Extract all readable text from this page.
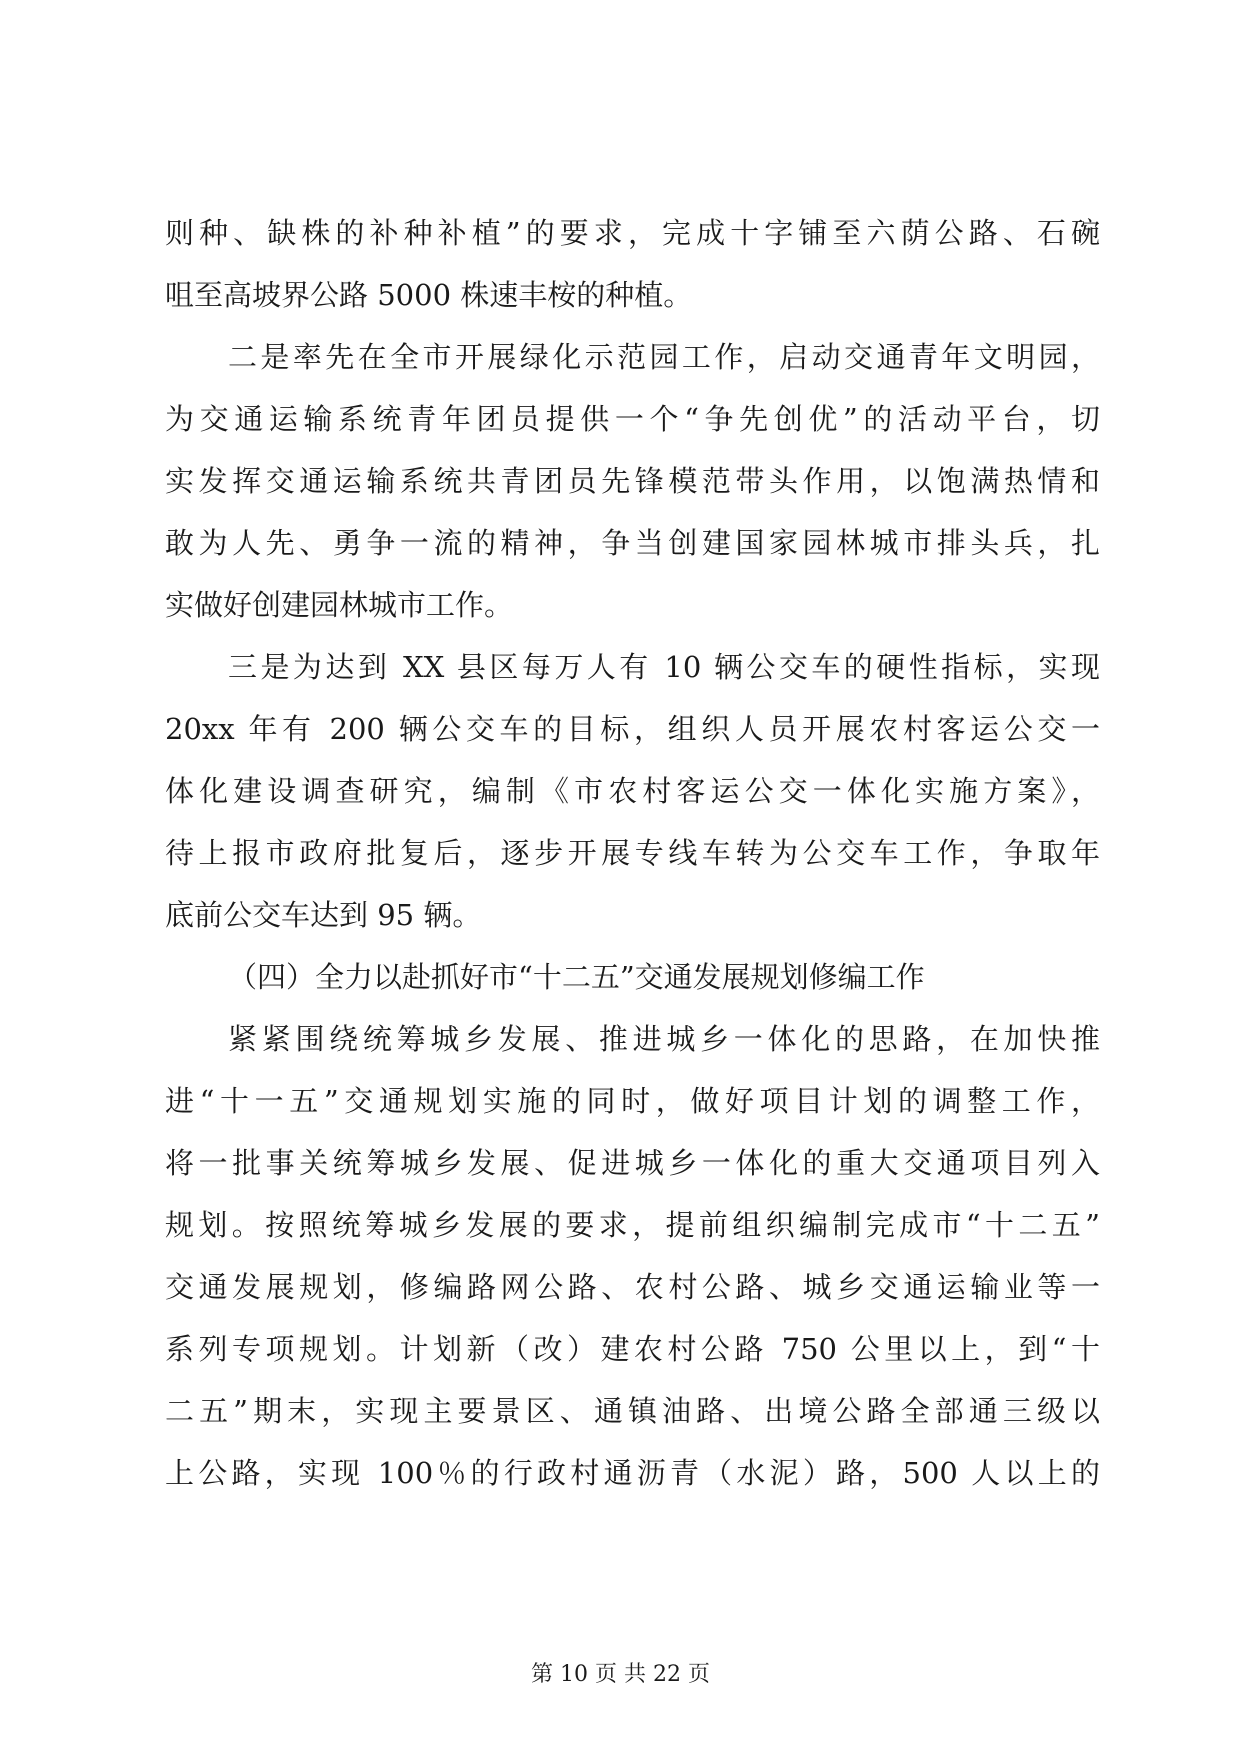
则种、缺株的补种补植”的要求，完成十字铺至六荫公路、石碗
咀至高坡界公路 5000 株速丰桉的种植。
二是率先在全市开展绿化示范园工作，启动交通青年文明园，
为交通运输系统青年团员提供一个“争先创优”的活动平台，切
实发挥交通运输系统共青团员先锋模范带头作用，以饱满热情和
敢为人先、勇争一流的精神，争当创建国家园林城市排头兵，扎
实做好创建园林城市工作。
三是为达到 XX 县区每万人有 10 辆公交车的硬性指标，实现
20xx 年有 200 辆公交车的目标，组织人员开展农村客运公交一
体化建设调查研究，编制《市农村客运公交一体化实施方案》，
待上报市政府批复后，逐步开展专线车转为公交车工作，争取年
底前公交车达到 95 辆。
（四）全力以赴抓好市“十二五”交通发展规划修编工作
紧紧围绕统筹城乡发展、推进城乡一体化的思路，在加快推
进“十一五”交通规划实施的同时，做好项目计划的调整工作，
将一批事关统筹城乡发展、促进城乡一体化的重大交通项目列入
规划。按照统筹城乡发展的要求，提前组织编制完成市“十二五”
交通发展规划，修编路网公路、农村公路、城乡交通运输业等一
系列专项规划。计划新（改）建农村公路 750 公里以上，到“十
二五”期末，实现主要景区、通镇油路、出境公路全部通三级以
上公路，实现 100％的行政村通沥青（水泥）路，500 人以上的
第 10 页 共 22 页
